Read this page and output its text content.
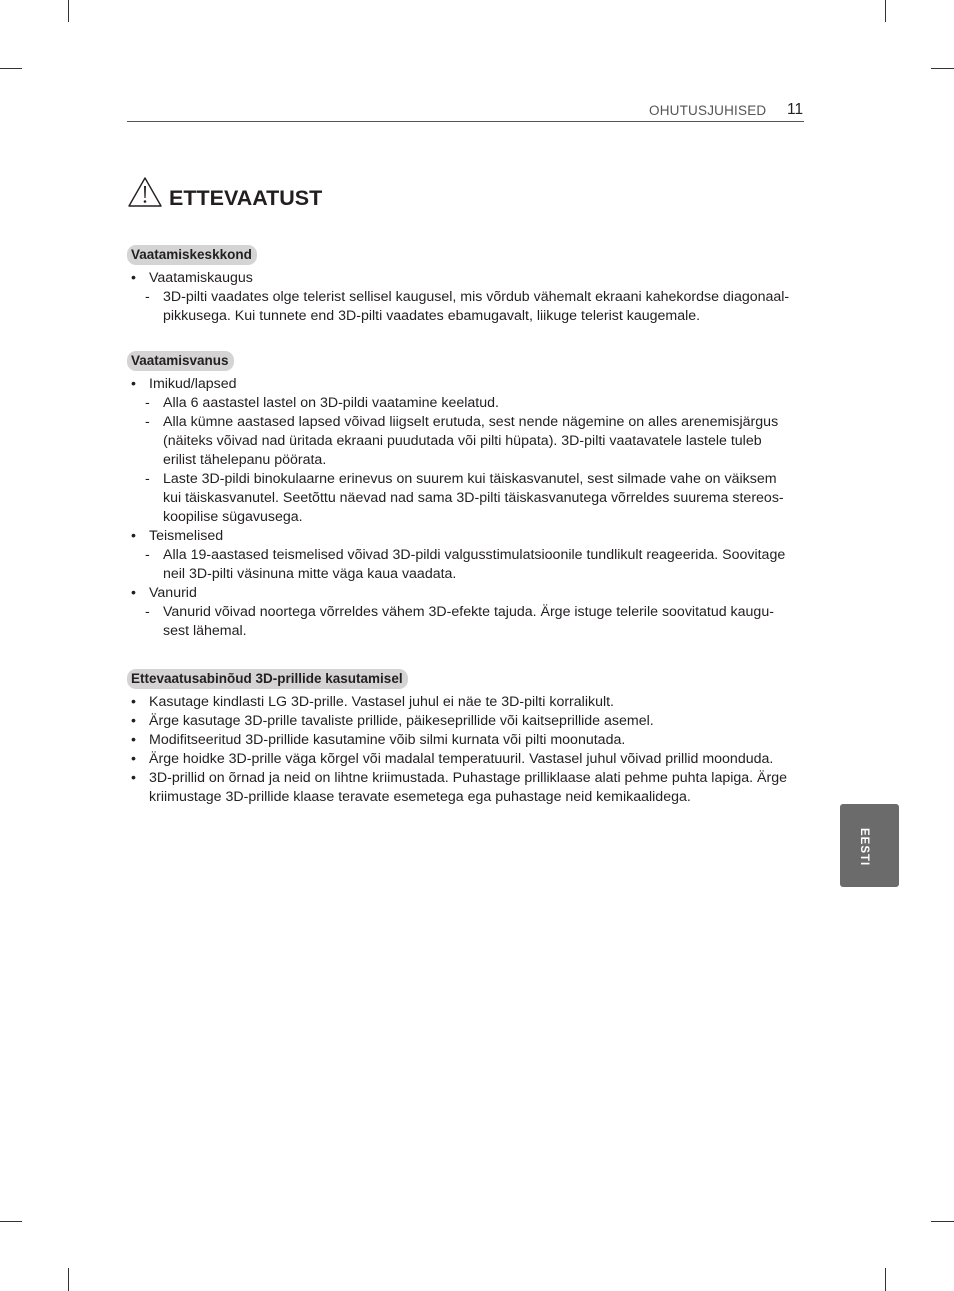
OHUTUSJUHISED 11
ETTEVAATUST
Vaatamiskeskkond
• Vaatamiskaugus
- 3D-pilti vaadates olge telerist sellisel kaugusel, mis võrdub vähemalt ekraani kahekordse diagonaal-pikkusega. Kui tunnete end 3D-pilti vaadates ebamugavalt, liikuge telerist kaugemale.
Vaatamisvanus
• Imikud/lapsed
- Alla 6 aastastel lastel on 3D-pildi vaatamine keelatud.
- Alla kümne aastased lapsed võivad liigselt erutuda, sest nende nägemine on alles arenemisjärgus (näiteks võivad nad üritada ekraani puudutada või pilti hüpata). 3D-pilti vaatavatele lastele tuleb erilist tähelepanu pöörata.
- Laste 3D-pildi binokulaarne erinevus on suurem kui täiskasvanutel, sest silmade vahe on väiksem kui täiskasvanutel. Seetõttu näevad nad sama 3D-pilti täiskasvanutega võrreldes suurema stereos-koopilise sügavusega.
• Teismelised
- Alla 19-aastased teismelised võivad 3D-pildi valgusstimulatsioonile tundlikult reageerida. Soovitage neil 3D-pilti väsinuna mitte väga kaua vaadata.
• Vanurid
- Vanurid võivad noortega võrreldes vähem 3D-efekte tajuda. Ärge istuge telerile soovitatud kaugu-sest lähemal.
Ettevaatusabinõud 3D-prillide kasutamisel
• Kasutage kindlasti LG 3D-prille. Vastasel juhul ei näe te 3D-pilti korralikult.
• Ärge kasutage 3D-prille tavaliste prillide, päikeseprillide või kaitseprillide asemel.
• Modifitseeritud 3D-prillide kasutamine võib silmi kurnata või pilti moonutada.
• Ärge hoidke 3D-prille väga kõrgel või madalal temperatuuril. Vastasel juhul võivad prillid moonduda.
• 3D-prillid on õrnad ja neid on lihtne kriimustada. Puhastage prilliklaase alati pehme puhta lapiga. Ärge kriimustage 3D-prillide klaase teravate esemetega ega puhastage neid kemikaalidega.
EESTI
